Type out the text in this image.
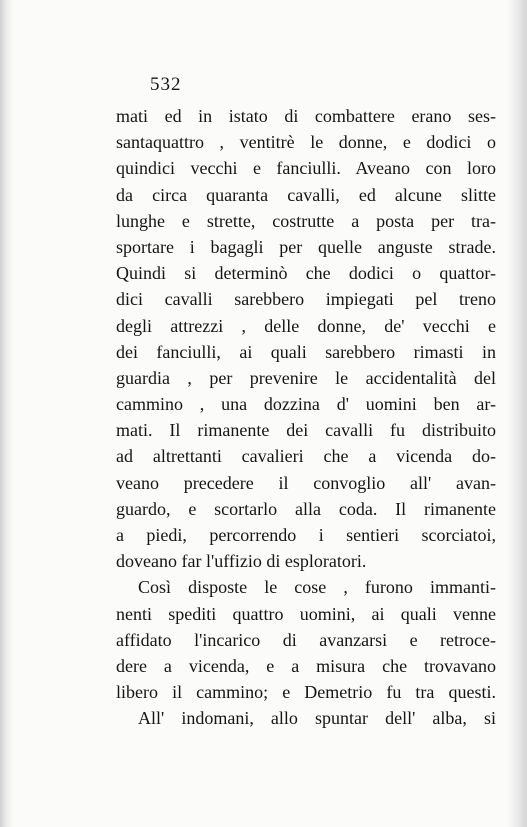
532
mati ed in istato di combattere erano ses-
santaquattro , ventitrè le donne, e dodici o
quindici vecchi e fanciulli. Aveano con loro
da circa quaranta cavalli, ed alcune slitte
lunghe e strette, costrutte a posta per tra-
sportare i bagagli per quelle anguste strade.
Quindi si determinò che dodici o quattor-
dici cavalli sarebbero impiegati pel treno
degli attrezzi , delle donne, de' vecchi e
dei fanciulli, ai quali sarebbero rimasti in
guardia , per prevenire le accidentalità del
cammino , una dozzina d' uomini ben ar-
mati. Il rimanente dei cavalli fu distribuito
ad altrettanti cavalieri che a vicenda do-
veano precedere il convoglio all' avan-
guardo, e scortarlo alla coda. Il rimanente
a piedi, percorrendo i sentieri scorciatoi,
doveano far l'uffizio di esploratori.
Così disposte le cose , furono immanti-
nenti spediti quattro uomini, ai quali venne
affidato l'incarico di avanzarsi e retroce-
dere a vicenda, e a misura che trovavano
libero il cammino; e Demetrio fu tra questi.
All' indomani, allo spuntar dell' alba, si
